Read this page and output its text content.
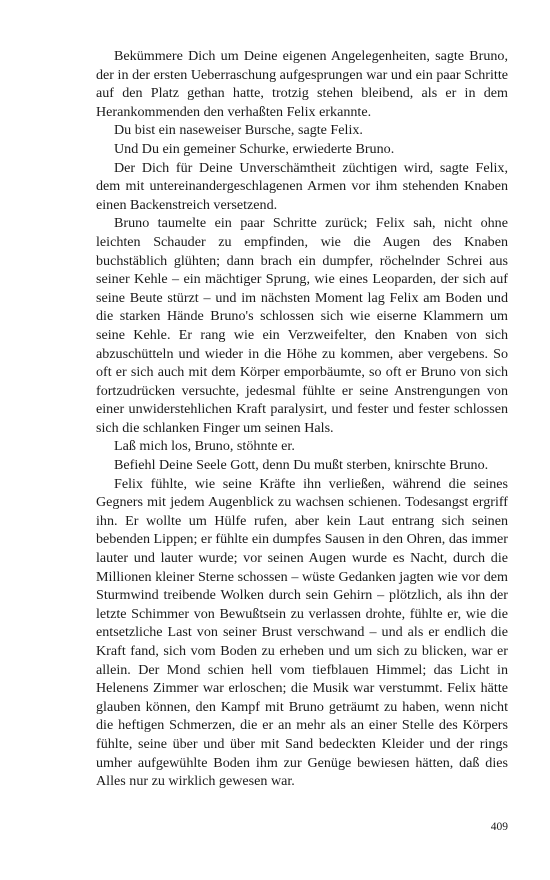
Bekümmere Dich um Deine eigenen Angelegenheiten, sagte Bruno, der in der ersten Ueberraschung aufgesprungen war und ein paar Schritte auf den Platz gethan hatte, trotzig stehen bleibend, als er in dem Herankommenden den verhaßten Felix erkannte.

Du bist ein naseweiser Bursche, sagte Felix.

Und Du ein gemeiner Schurke, erwiederte Bruno.

Der Dich für Deine Unverschämtheit züchtigen wird, sagte Felix, dem mit untereinandergeschlagenen Armen vor ihm stehenden Knaben einen Backenstreich versetzend.

Bruno taumelte ein paar Schritte zurück; Felix sah, nicht ohne leichten Schauder zu empfinden, wie die Augen des Knaben buchstäblich glühten; dann brach ein dumpfer, röchelnder Schrei aus seiner Kehle – ein mächtiger Sprung, wie eines Leoparden, der sich auf seine Beute stürzt – und im nächsten Moment lag Felix am Boden und die starken Hände Bruno's schlossen sich wie eiserne Klammern um seine Kehle. Er rang wie ein Verzweifelter, den Knaben von sich abzuschütteln und wieder in die Höhe zu kommen, aber vergebens. So oft er sich auch mit dem Körper emporbäumte, so oft er Bruno von sich fortzudrücken versuchte, jedesmal fühlte er seine Anstrengungen von einer unwiderstehlichen Kraft paralysirt, und fester und fester schlossen sich die schlanken Finger um seinen Hals.

Laß mich los, Bruno, stöhnte er.

Befiehl Deine Seele Gott, denn Du mußt sterben, knirschte Bruno.

Felix fühlte, wie seine Kräfte ihn verließen, während die seines Gegners mit jedem Augenblick zu wachsen schienen. Todesangst ergriff ihn. Er wollte um Hülfe rufen, aber kein Laut entrang sich seinen bebenden Lippen; er fühlte ein dumpfes Sausen in den Ohren, das immer lauter und lauter wurde; vor seinen Augen wurde es Nacht, durch die Millionen kleiner Sterne schossen – wüste Gedanken jagten wie vor dem Sturmwind treibende Wolken durch sein Gehirn – plötzlich, als ihn der letzte Schimmer von Bewußtsein zu verlassen drohte, fühlte er, wie die entsetzliche Last von seiner Brust verschwand – und als er endlich die Kraft fand, sich vom Boden zu erheben und um sich zu blicken, war er allein. Der Mond schien hell vom tiefblauen Himmel; das Licht in Helenens Zimmer war erloschen; die Musik war verstummt. Felix hätte glauben können, den Kampf mit Bruno geträumt zu haben, wenn nicht die heftigen Schmerzen, die er an mehr als an einer Stelle des Körpers fühlte, seine über und über mit Sand bedeckten Kleider und der rings umher aufgewühlte Boden ihm zur Genüge bewiesen hätten, daß dies Alles nur zu wirklich gewesen war.

409
